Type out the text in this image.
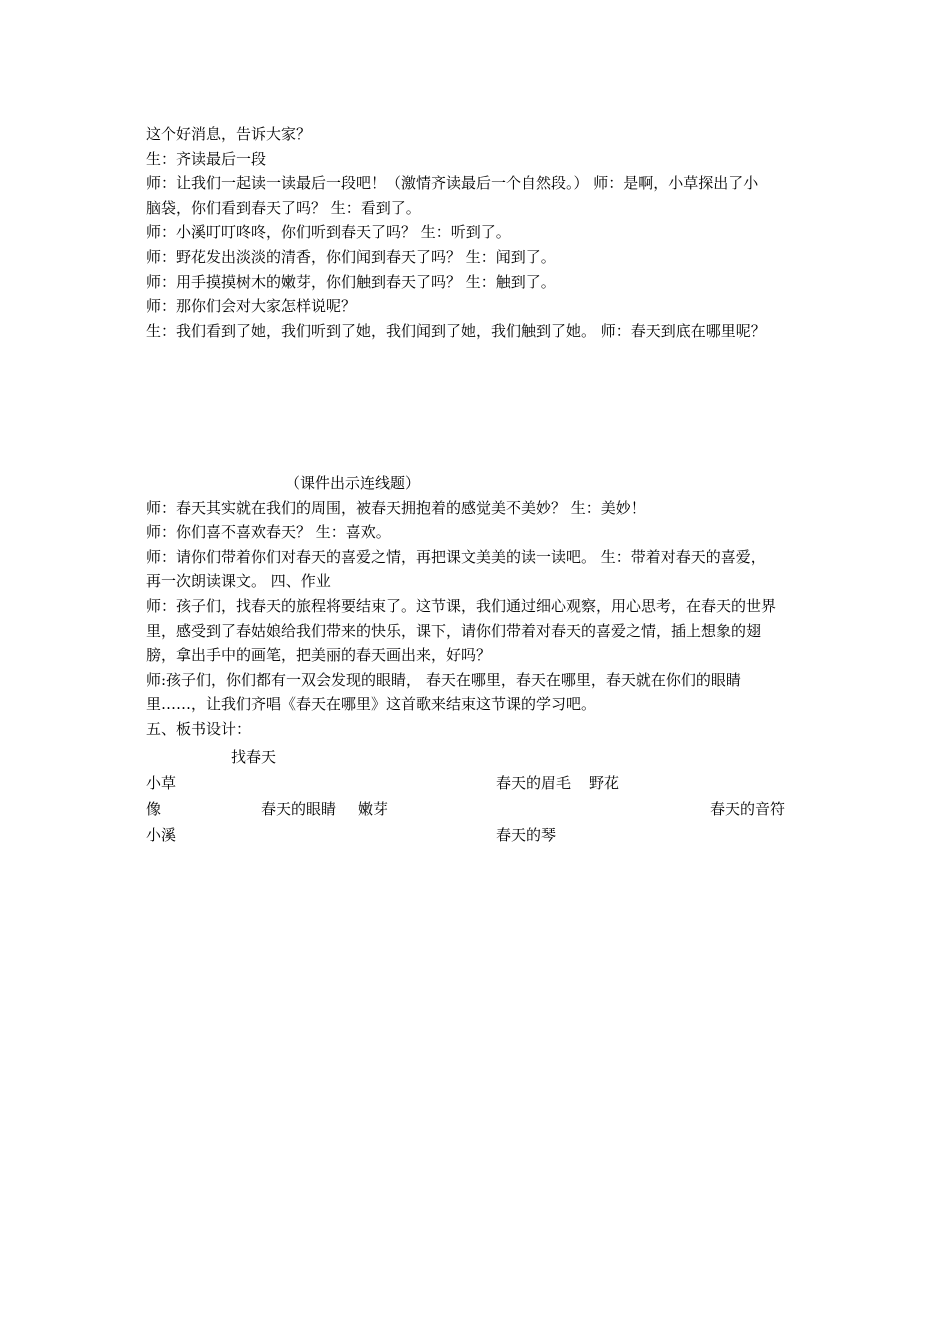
这个好消息，告诉大家？
生：齐读最后一段
师：让我们一起读一读最后一段吧！（激情齐读最后一个自然段。） 师：是啊，小草探出了小
脑袋，你们看到春天了吗？ 生：看到了。
师：小溪叮叮咚咚，你们听到春天了吗？ 生：听到了。
师：野花发出淡淡的清香，你们闻到春天了吗？ 生：闻到了。
师：用手摸摸树木的嫩芽，你们触到春天了吗？ 生：触到了。
师：那你们会对大家怎样说呢？
生：我们看到了她，我们听到了她，我们闻到了她，我们触到了她。 师：春天到底在哪里呢？
（课件出示连线题）
师：春天其实就在我们的周围，被春天拥抱着的感觉美不美妙？ 生：美妙！
师：你们喜不喜欢春天？ 生：喜欢。
师：请你们带着你们对春天的喜爱之情，再把课文美美的读一读吧。 生：带着对春天的喜爱，
再一次朗读课文。 四、作业
师：孩子们，找春天的旅程将要结束了。这节课，我们通过细心观察，用心思考，在春天的世界
里，感受到了春姑娘给我们带来的快乐，课下，请你们带着对春天的喜爱之情，插上想象的翅
膀，拿出手中的画笔，把美丽的春天画出来，好吗？
师:孩子们，你们都有一双会发现的眼睛， 春天在哪里，春天在哪里，春天就在你们的眼睛
里……，让我们齐唱《春天在哪里》这首歌来结束这节课的学习吧。
五、板书设计：
找春天
小草	春天的眉毛 野花
像	春天的眼睛 嫩芽	春天的音符
小溪	春天的琴
